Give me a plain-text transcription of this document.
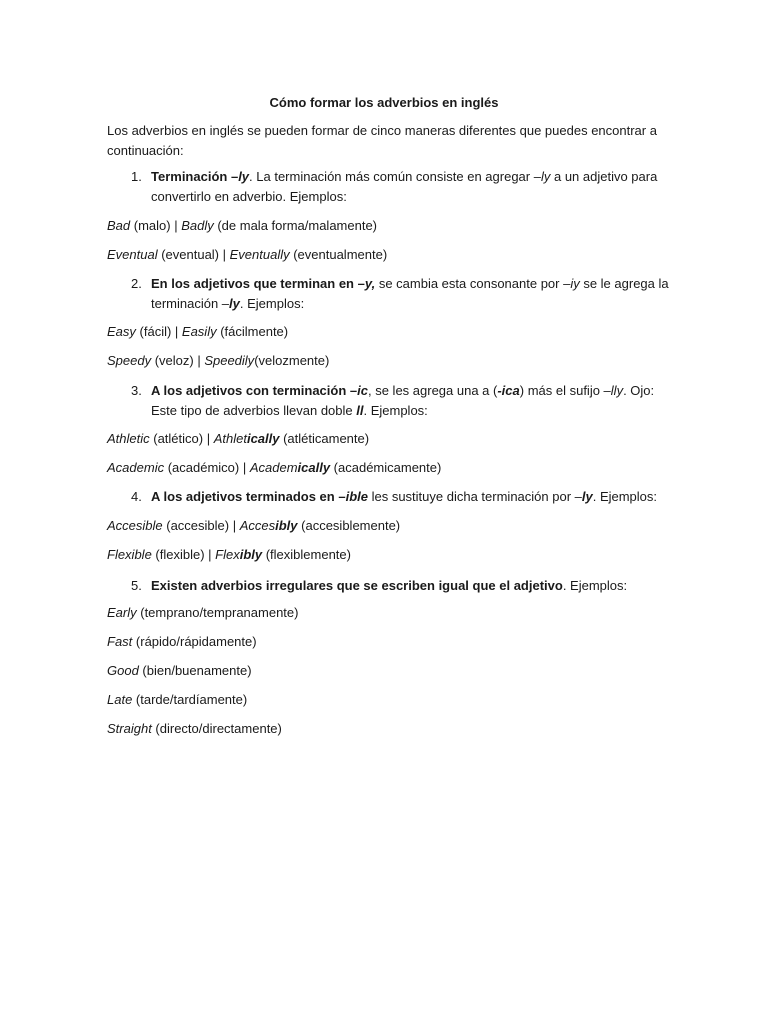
Cómo formar los adverbios en inglés
Los adverbios en inglés se pueden formar de cinco maneras diferentes que puedes encontrar a continuación:
1. Terminación –ly. La terminación más común consiste en agregar –ly a un adjetivo para convertirlo en adverbio. Ejemplos:
Bad (malo) | Badly (de mala forma/malamente)
Eventual (eventual) | Eventually (eventualmente)
2. En los adjetivos que terminan en –y, se cambia esta consonante por –iy se le agrega la terminación –ly. Ejemplos:
Easy (fácil) | Easily (fácilmente)
Speedy (veloz) | Speedily(velozmente)
3. A los adjetivos con terminación –ic, se les agrega una a (-ica) más el sufijo –lly. Ojo: Este tipo de adverbios llevan doble ll. Ejemplos:
Athletic (atlético) | Athletically (atléticamente)
Academic (académico) | Academically (académicamente)
4. A los adjetivos terminados en –ible les sustituye dicha terminación por –ly. Ejemplos:
Accesible (accesible) | Accesibly (accesiblemente)
Flexible (flexible) | Flexibly (flexiblemente)
5. Existen adverbios irregulares que se escriben igual que el adjetivo. Ejemplos:
Early (temprano/tempranamente)
Fast (rápido/rápidamente)
Good (bien/buenamente)
Late (tarde/tardíamente)
Straight (directo/directamente)
